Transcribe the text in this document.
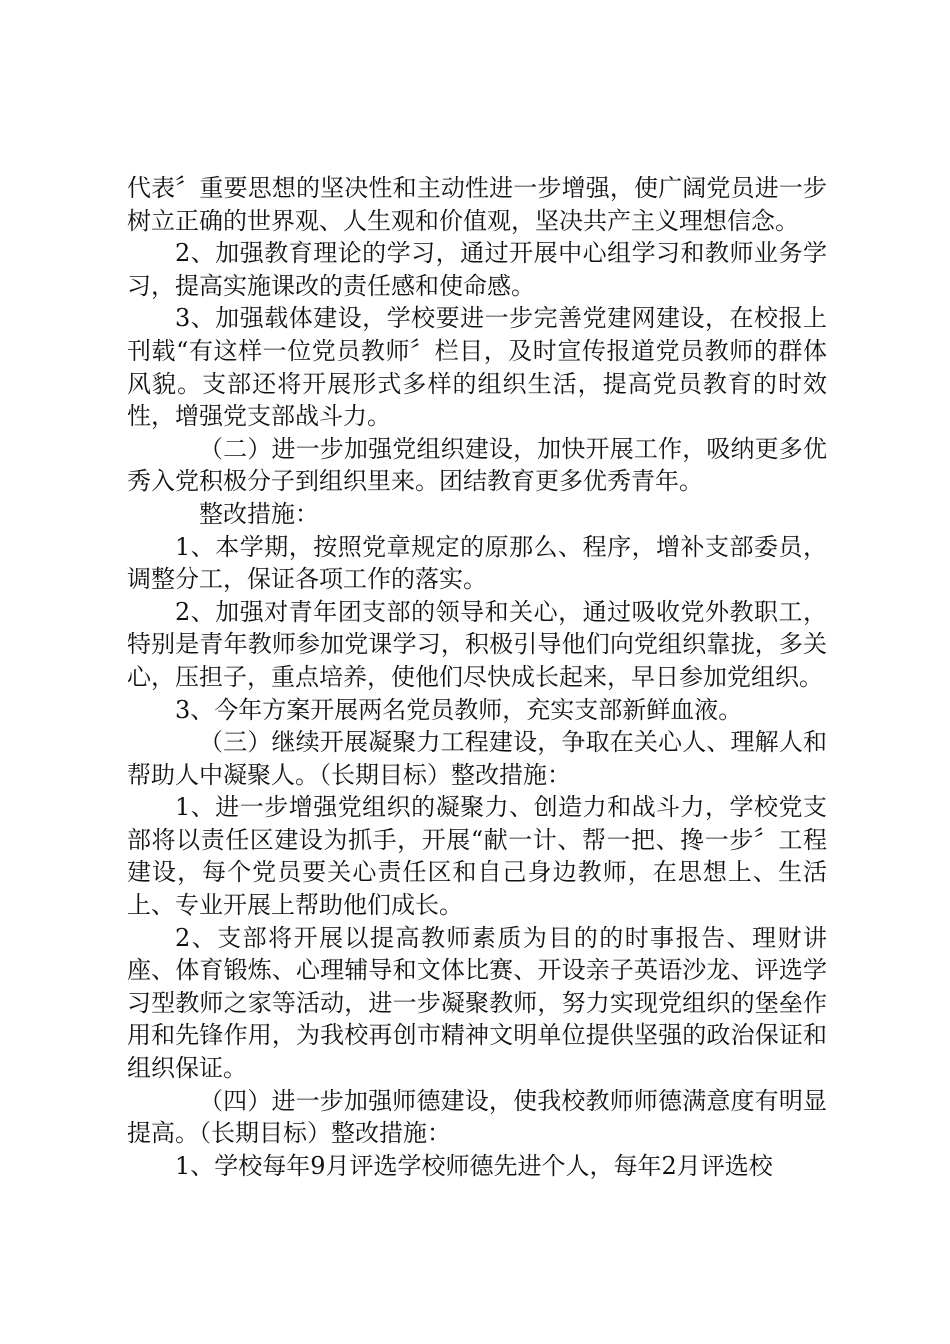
代表〞重要思想的坚决性和主动性进一步增强，使广阔党员进一步树立正确的世界观、人生观和价值观，坚决共产主义理想信念。

2、加强教育理论的学习，通过开展中心组学习和教师业务学习，提高实施课改的责任感和使命感。

3、加强载体建设，学校要进一步完善党建网建设，在校报上刊载“有这样一位党员教师〞栏目，及时宣传报道党员教师的群体风貌。支部还将开展形式多样的组织生活，提高党员教育的时效性，增强党支部战斗力。

（二）进一步加强党组织建设，加快开展工作，吸纳更多优秀入党积极分子到组织里来。团结教育更多优秀青年。

整改措施：

1、本学期，按照党章规定的原那么、程序，增补支部委员，调整分工，保证各项工作的落实。

2、加强对青年团支部的领导和关心，通过吸收党外教职工，特别是青年教师参加党课学习，积极引导他们向党组织靠拢，多关心，压担子，重点培养，使他们尽快成长起来，早日参加党组织。

3、今年方案开展两名党员教师，充实支部新鲜血液。

（三）继续开展凝聚力工程建设，争取在关心人、理解人和帮助人中凝聚人。（长期目标）整改措施：

1、进一步增强党组织的凝聚力、创造力和战斗力，学校党支部将以责任区建设为抓手，开展“献一计、帮一把、搀一步〞工程建设，每个党员要关心责任区和自己身边教师，在思想上、生活上、专业开展上帮助他们成长。

2、支部将开展以提高教师素质为目的的时事报告、理财讲座、体育锻炼、心理辅导和文体比赛、开设亲子英语沙龙、评选学习型教师之家等活动，进一步凝聚教师，努力实现党组织的堡垒作用和先锋作用，为我校再创市精神文明单位提供坚强的政治保证和组织保证。

（四）进一步加强师德建设，使我校教师师德满意度有明显提高。（长期目标）整改措施：

1、学校每年9月评选学校师德先进个人，每年2月评选校
